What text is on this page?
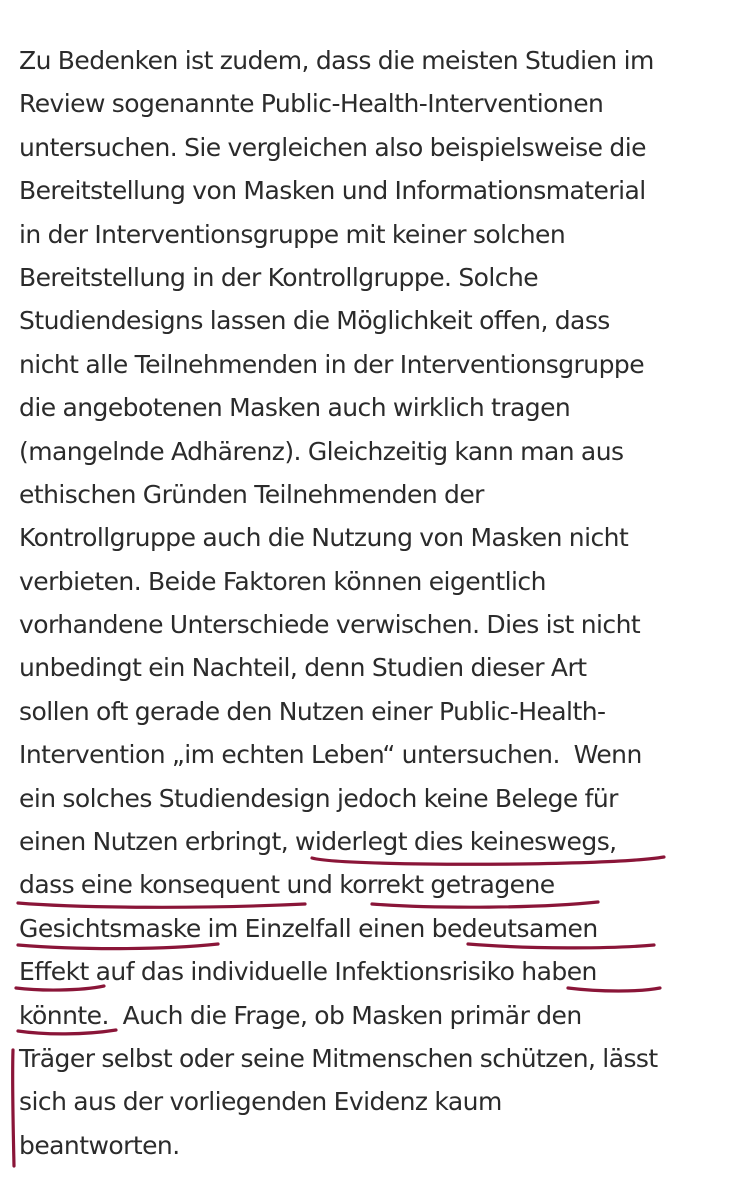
Zu Bedenken ist zudem, dass die meisten Studien im
Review sogenannte Public-Health-Interventionen
untersuchen. Sie vergleichen also beispielsweise die
Bereitstellung von Masken und Informationsmaterial
in der Interventionsgruppe mit keiner solchen
Bereitstellung in der Kontrollgruppe. Solche
Studiendesigns lassen die Möglichkeit offen, dass
nicht alle Teilnehmenden in der Interventionsgruppe
die angebotenen Masken auch wirklich tragen
(mangelnde Adhärenz). Gleichzeitig kann man aus
ethischen Gründen Teilnehmenden der
Kontrollgruppe auch die Nutzung von Masken nicht
verbieten. Beide Faktoren können eigentlich
vorhandene Unterschiede verwischen. Dies ist nicht
unbedingt ein Nachteil, denn Studien dieser Art
sollen oft gerade den Nutzen einer Public-Health-
Intervention „im echten Leben“ untersuchen.  Wenn
ein solches Studiendesign jedoch keine Belege für
einen Nutzen erbringt, widerlegt dies keineswegs,
dass eine konsequent und korrekt getragene
Gesichtsmaske im Einzelfall einen bedeutsamen
Effekt auf das individuelle Infektionsrisiko haben
könnte.  Auch die Frage, ob Masken primär den
Träger selbst oder seine Mitmenschen schützen, lässt
sich aus der vorliegenden Evidenz kaum
beantworten.
